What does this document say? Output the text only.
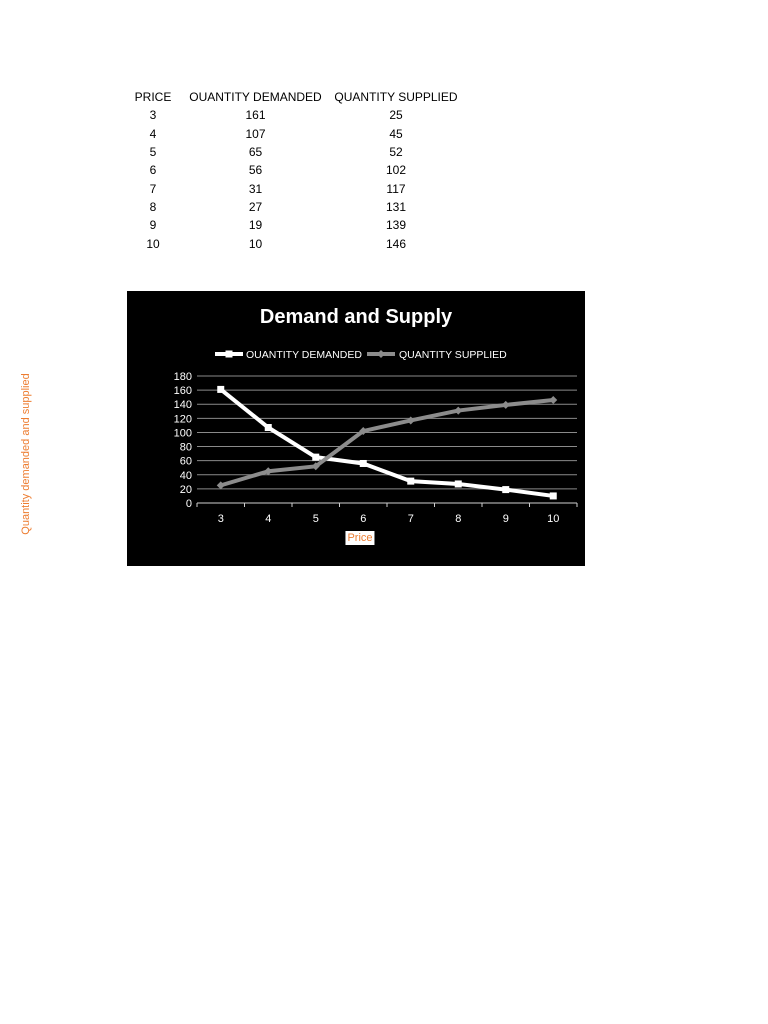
PRICE	OUANTITY DEMANDED	QUANTITY SUPPLIED
3	161	25
4	107	45
5	65	52
6	56	102
7	31	117
8	27	131
9	19	139
10	10	146
Demand and Supply
0
20
40
60
80
100
120
140
160
180
3	4	5	6	7	8	9	10
OUANTITY DEMANDED	QUANTITY SUPPLIED
Price
Quantity demanded and supplied
